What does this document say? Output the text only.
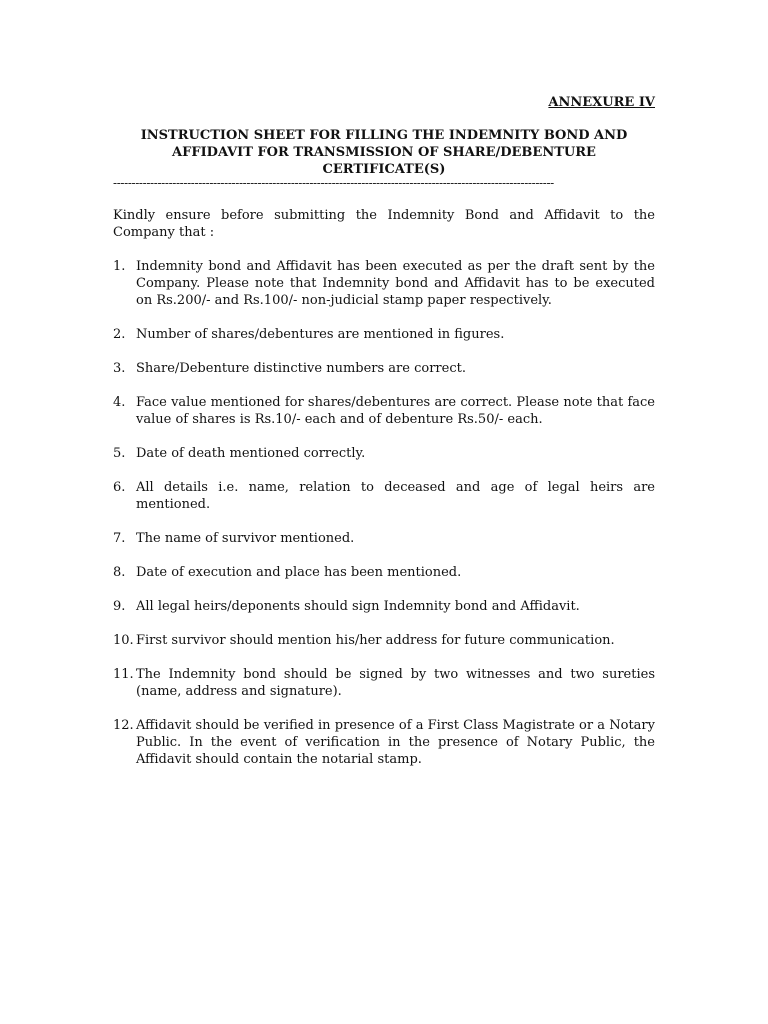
ANNEXURE IV
INSTRUCTION SHEET FOR FILLING THE INDEMNITY BOND AND
AFFIDAVIT FOR TRANSMISSION OF SHARE/DEBENTURE
CERTIFICATE(S)
-----------------------------------------------------------------------------------------------------------------------
Kindly ensure before submitting the Indemnity Bond and Affidavit to the Company that :
1. Indemnity bond and Affidavit has been executed as per the draft sent by the Company. Please note that Indemnity bond and Affidavit has to be executed on Rs.200/- and Rs.100/- non-judicial stamp paper respectively.
2. Number of shares/debentures are mentioned in figures.
3. Share/Debenture distinctive numbers are correct.
4. Face value mentioned for shares/debentures are correct. Please note that face value of shares is Rs.10/- each and of debenture Rs.50/- each.
5. Date of death mentioned correctly.
6. All details i.e. name, relation to deceased and age of legal heirs are mentioned.
7. The name of survivor mentioned.
8. Date of execution and place has been mentioned.
9. All legal heirs/deponents should sign Indemnity bond and Affidavit.
10. First survivor should mention his/her address for future communication.
11. The Indemnity bond should be signed by two witnesses and two sureties (name, address and signature).
12. Affidavit should be verified in presence of a First Class Magistrate or a Notary Public. In the event of verification in the presence of Notary Public, the Affidavit should contain the notarial stamp.
